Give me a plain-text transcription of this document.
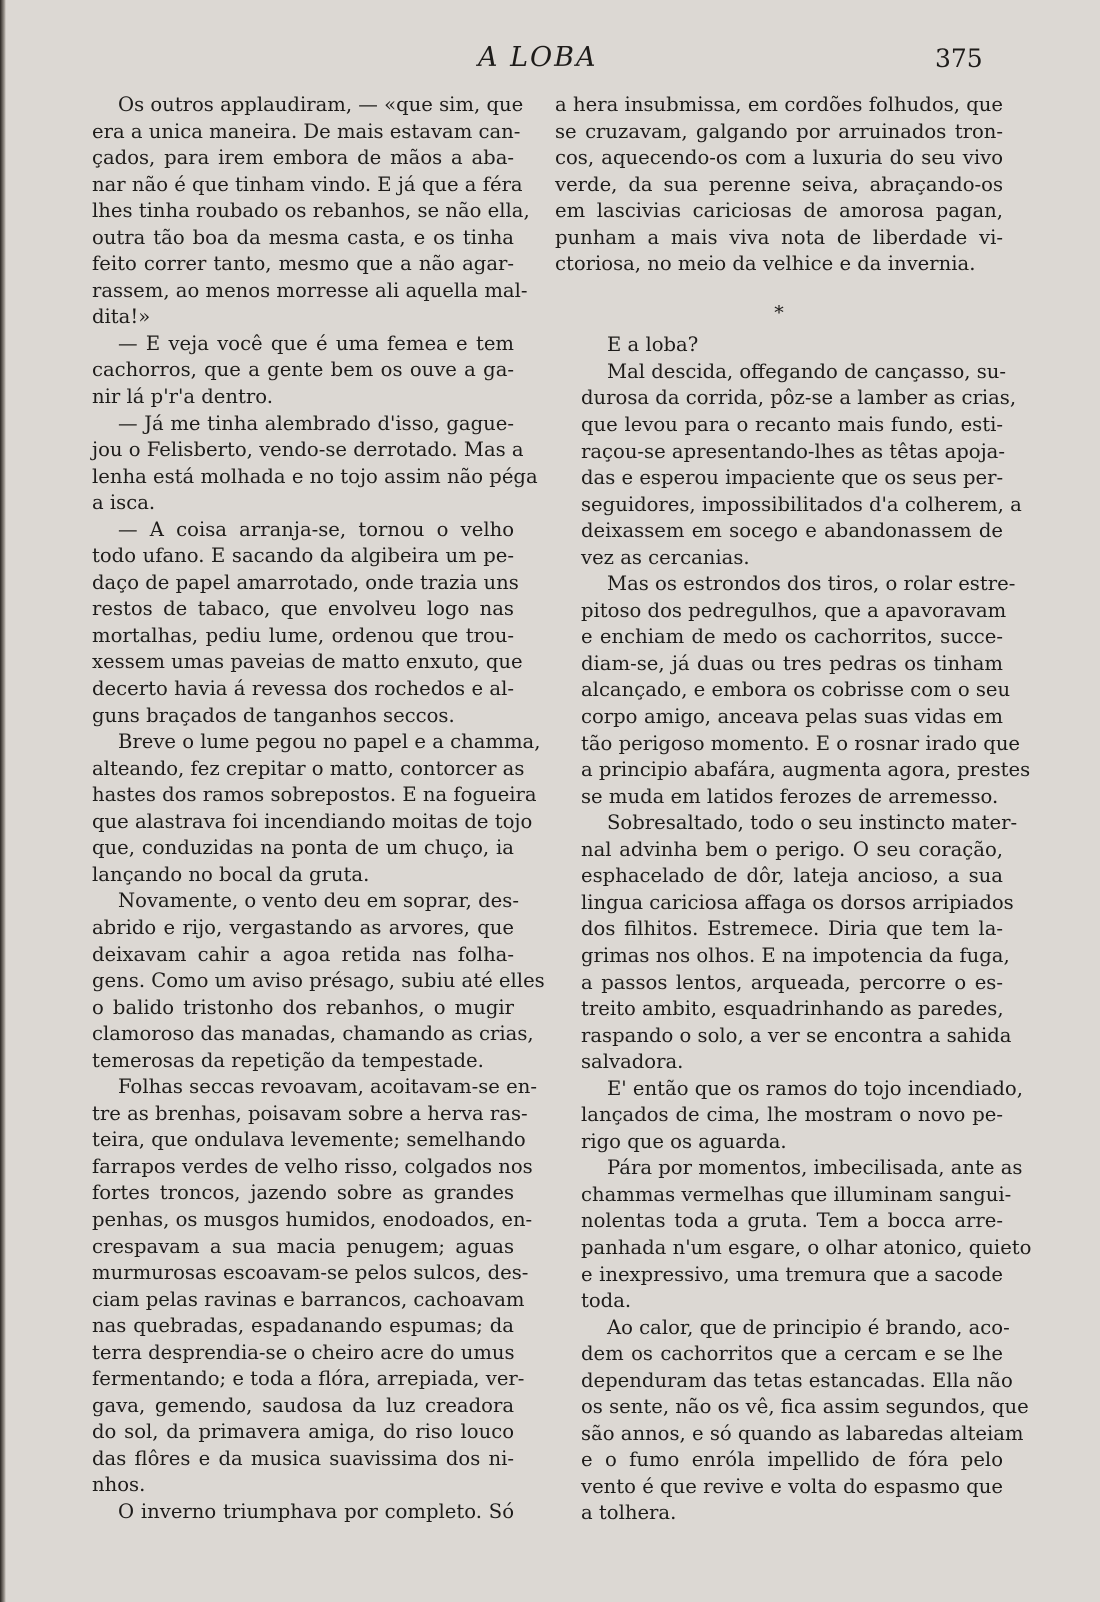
A LOBA	375
Os outros applaudiram, — «que sim, que
era a unica maneira. De mais estavam can-
çados, para irem embora de mãos a aba-
nar não é que tinham vindo. E já que a féra
lhes tinha roubado os rebanhos, se não ella,
outra tão boa da mesma casta, e os tinha
feito correr tanto, mesmo que a não agar-
rassem, ao menos morresse ali aquella mal-
dita!»
— E veja você que é uma femea e tem
cachorros, que a gente bem os ouve a ga-
nir lá p'r'a dentro.
— Já me tinha alembrado d'isso, gague-
jou o Felisberto, vendo-se derrotado. Mas a
lenha está molhada e no tojo assim não péga
a isca.
— A coisa arranja-se, tornou o velho
todo ufano. E sacando da algibeira um pe-
daço de papel amarrotado, onde trazia uns
restos de tabaco, que envolveu logo nas
mortalhas, pediu lume, ordenou que trou-
xessem umas paveias de matto enxuto, que
decerto havia á revessa dos rochedos e al-
guns braçados de tanganhos seccos.
Breve o lume pegou no papel e a chamma,
alteando, fez crepitar o matto, contorcer as
hastes dos ramos sobrepostos. E na fogueira
que alastrava foi incendiando moitas de tojo
que, conduzidas na ponta de um chuço, ia
lançando no bocal da gruta.
Novamente, o vento deu em soprar, des-
abrido e rijo, vergastando as arvores, que
deixavam cahir a agoa retida nas folha-
gens. Como um aviso présago, subiu até elles
o balido tristonho dos rebanhos, o mugir
clamoroso das manadas, chamando as crias,
temerosas da repetição da tempestade.
Folhas seccas revoavam, acoitavam-se en-
tre as brenhas, poisavam sobre a herva ras-
teira, que ondulava levemente; semelhando
farrapos verdes de velho risso, colgados nos
fortes troncos, jazendo sobre as grandes
penhas, os musgos humidos, enodoados, en-
crespavam a sua macia penugem; aguas
murmurosas escoavam-se pelos sulcos, des-
ciam pelas ravinas e barrancos, cachoavam
nas quebradas, espadanando espumas; da
terra desprendia-se o cheiro acre do umus
fermentando; e toda a flóra, arrepiada, ver-
gava, gemendo, saudosa da luz creadora
do sol, da primavera amiga, do riso louco
das flôres e da musica suavissima dos ni-
nhos.
O inverno triumphava por completo. Só
a hera insubmissa, em cordões folhudos, que
se cruzavam, galgando por arruinados tron-
cos, aquecendo-os com a luxuria do seu vivo
verde, da sua perenne seiva, abraçando-os
em lascivias cariciosas de amorosa pagan,
punham a mais viva nota de liberdade vi-
ctoriosa, no meio da velhice e da invernia.
*
E a loba?
Mal descida, offegando de cançasso, su-
durosa da corrida, pôz-se a lamber as crias,
que levou para o recanto mais fundo, esti-
raçou-se apresentando-lhes as têtas apoja-
das e esperou impaciente que os seus per-
seguidores, impossibilitados d'a colherem, a
deixassem em socego e abandonassem de
vez as cercanias.
Mas os estrondos dos tiros, o rolar estre-
pitoso dos pedregulhos, que a apavoravam
e enchiam de medo os cachorritos, succe-
diam-se, já duas ou tres pedras os tinham
alcançado, e embora os cobrisse com o seu
corpo amigo, anceava pelas suas vidas em
tão perigoso momento. E o rosnar irado que
a principio abafára, augmenta agora, prestes
se muda em latidos ferozes de arremesso.
Sobresaltado, todo o seu instincto mater-
nal advinha bem o perigo. O seu coração,
esphacelado de dôr, lateja ancioso, a sua
lingua cariciosa affaga os dorsos arripiados
dos filhitos. Estremece. Diria que tem la-
grimas nos olhos. E na impotencia da fuga,
a passos lentos, arqueada, percorre o es-
treito ambito, esquadrinhando as paredes,
raspando o solo, a ver se encontra a sahida
salvadora.
E' então que os ramos do tojo incendiado,
lançados de cima, lhe mostram o novo pe-
rigo que os aguarda.
Pára por momentos, imbecilisada, ante as
chammas vermelhas que illuminam sangui-
nolentas toda a gruta. Tem a bocca arre-
panhada n'um esgare, o olhar atonico, quieto
e inexpressivo, uma tremura que a sacode
toda.
Ao calor, que de principio é brando, aco-
dem os cachorritos que a cercam e se lhe
dependuram das tetas estancadas. Ella não
os sente, não os vê, fica assim segundos, que
são annos, e só quando as labaredas alteiam
e o fumo enróla impellido de fóra pelo
vento é que revive e volta do espasmo que
a tolhera.
